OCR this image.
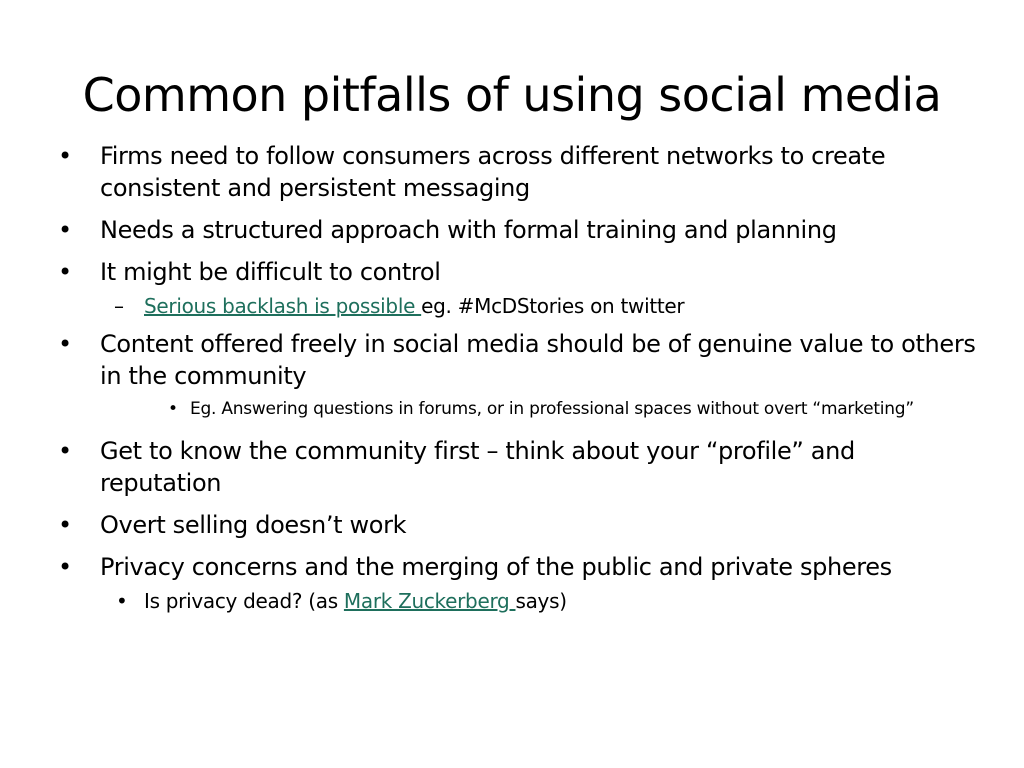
Common pitfalls of using social media

• Firms need to follow consumers across different networks to create consistent and persistent messaging

• Needs a structured approach with formal training and planning

• It might be difficult to control

– Serious backlash is possible eg. #McDStories on twitter

• Content offered freely in social media should be of genuine value to others in the community

• Eg. Answering questions in forums, or in professional spaces without overt “marketing”

• Get to know the community first – think about your “profile” and reputation

• Overt selling doesn’t work

• Privacy concerns and the merging of the public and private spheres

• Is privacy dead? (as Mark Zuckerberg says)
